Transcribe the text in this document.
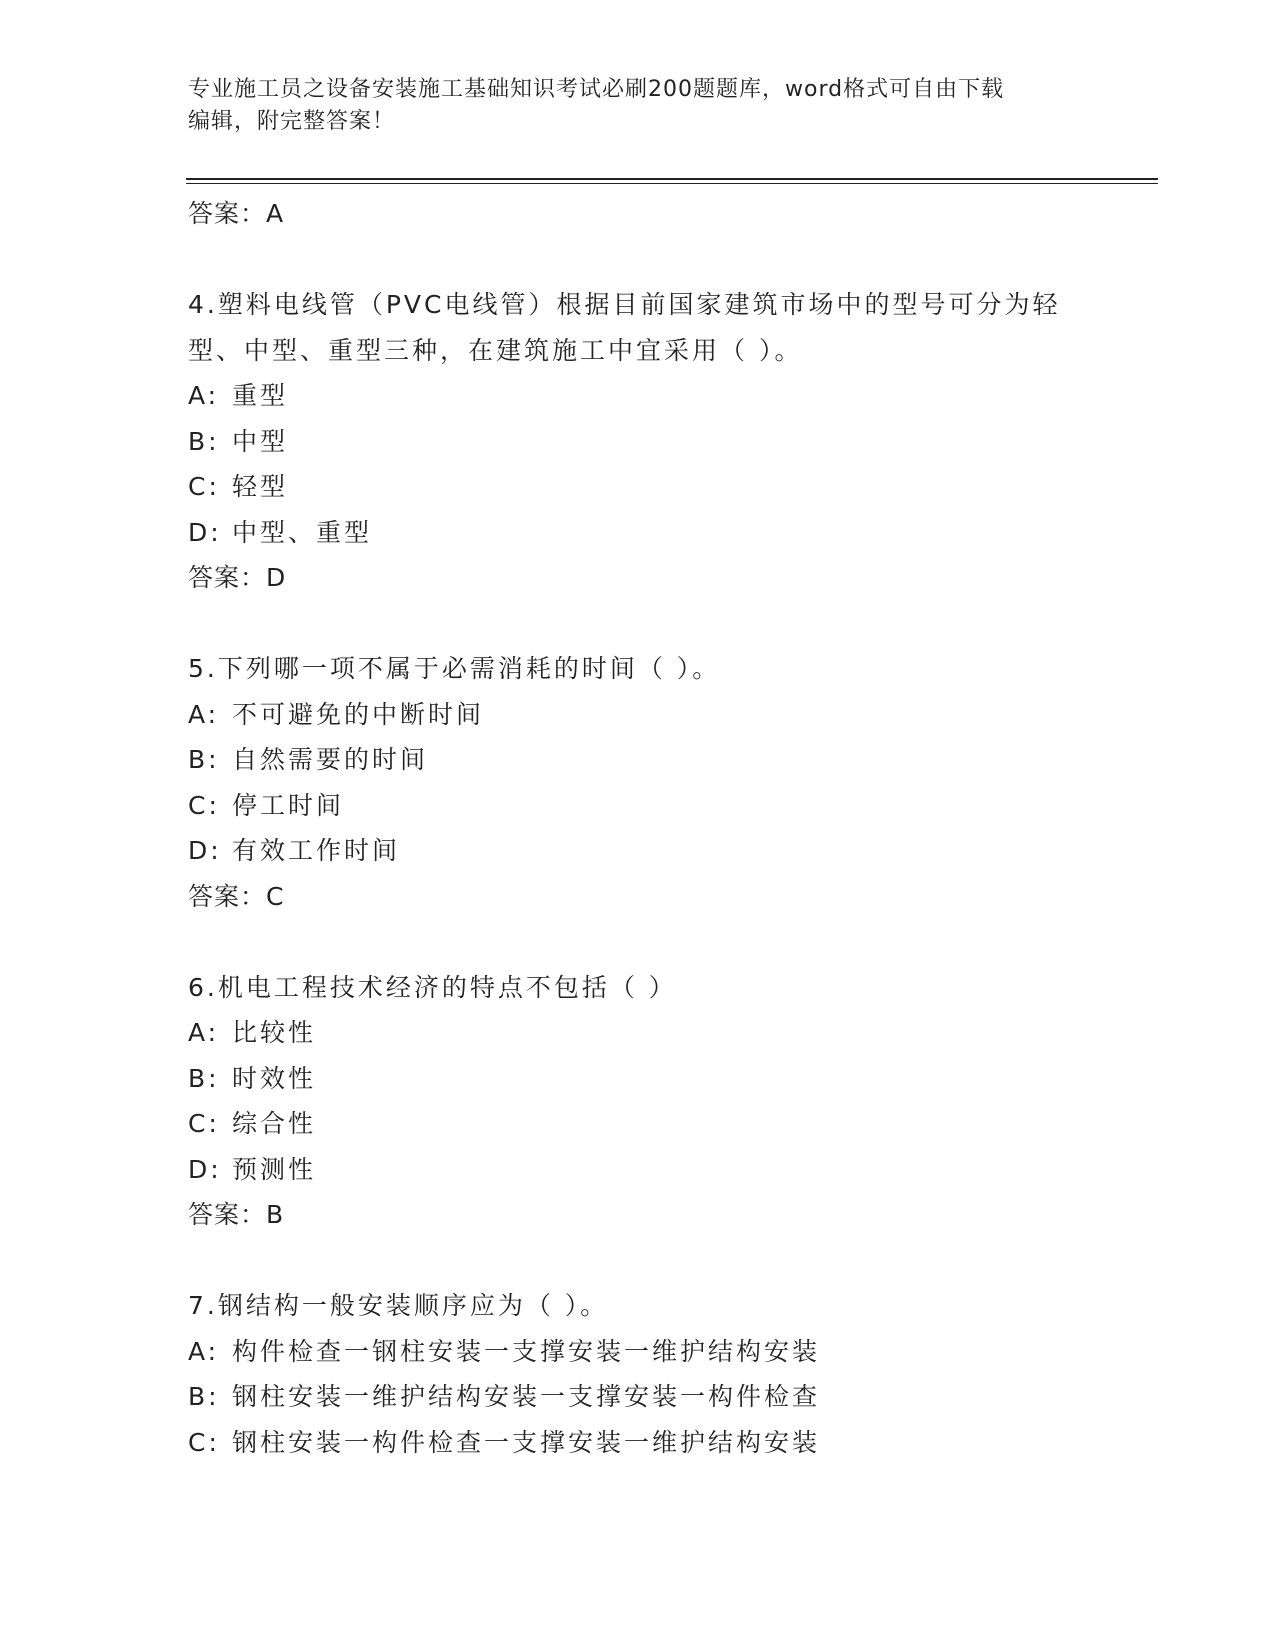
专业施工员之设备安装施工基础知识考试必刷200题题库，word格式可自由下载
编辑，附完整答案！
答案：A
4.塑料电线管（PVC电线管）根据目前国家建筑市场中的型号可分为轻
型、中型、重型三种，在建筑施工中宜采用（ ）。
A: 重型
B: 中型
C: 轻型
D: 中型、重型
答案：D
5.下列哪一项不属于必需消耗的时间（ ）。
A: 不可避免的中断时间
B: 自然需要的时间
C: 停工时间
D: 有效工作时间
答案：C
6.机电工程技术经济的特点不包括（ ）
A: 比较性
B: 时效性
C: 综合性
D: 预测性
答案：B
7.钢结构一般安装顺序应为（ ）。
A: 构件检查一钢柱安装一支撑安装一维护结构安装
B: 钢柱安装一维护结构安装一支撑安装一构件检查
C: 钢柱安装一构件检查一支撑安装一维护结构安装
